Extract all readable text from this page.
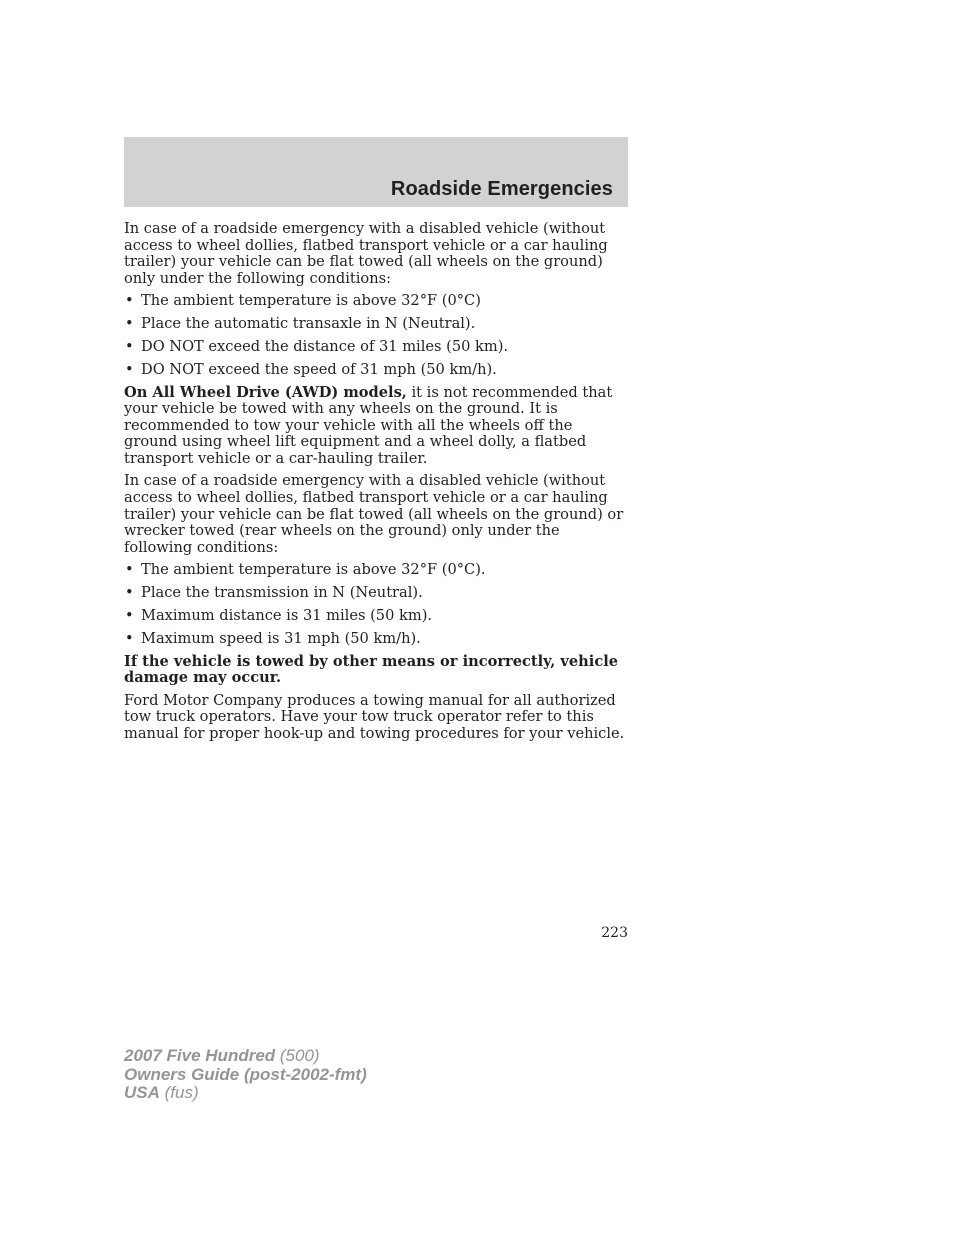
Roadside Emergencies

In case of a roadside emergency with a disabled vehicle (without access to wheel dollies, flatbed transport vehicle or a car hauling trailer) your vehicle can be flat towed (all wheels on the ground) only under the following conditions:

• The ambient temperature is above 32°F (0°C)
• Place the automatic transaxle in N (Neutral).
• DO NOT exceed the distance of 31 miles (50 km).
• DO NOT exceed the speed of 31 mph (50 km/h).

On All Wheel Drive (AWD) models, it is not recommended that your vehicle be towed with any wheels on the ground. It is recommended to tow your vehicle with all the wheels off the ground using wheel lift equipment and a wheel dolly, a flatbed transport vehicle or a car-hauling trailer.

In case of a roadside emergency with a disabled vehicle (without access to wheel dollies, flatbed transport vehicle or a car hauling trailer) your vehicle can be flat towed (all wheels on the ground) or wrecker towed (rear wheels on the ground) only under the following conditions:

• The ambient temperature is above 32°F (0°C).
• Place the transmission in N (Neutral).
• Maximum distance is 31 miles (50 km).
• Maximum speed is 31 mph (50 km/h).

If the vehicle is towed by other means or incorrectly, vehicle damage may occur.

Ford Motor Company produces a towing manual for all authorized tow truck operators. Have your tow truck operator refer to this manual for proper hook-up and towing procedures for your vehicle.

223
2007 Five Hundred (500)
Owners Guide (post-2002-fmt)
USA (fus)
